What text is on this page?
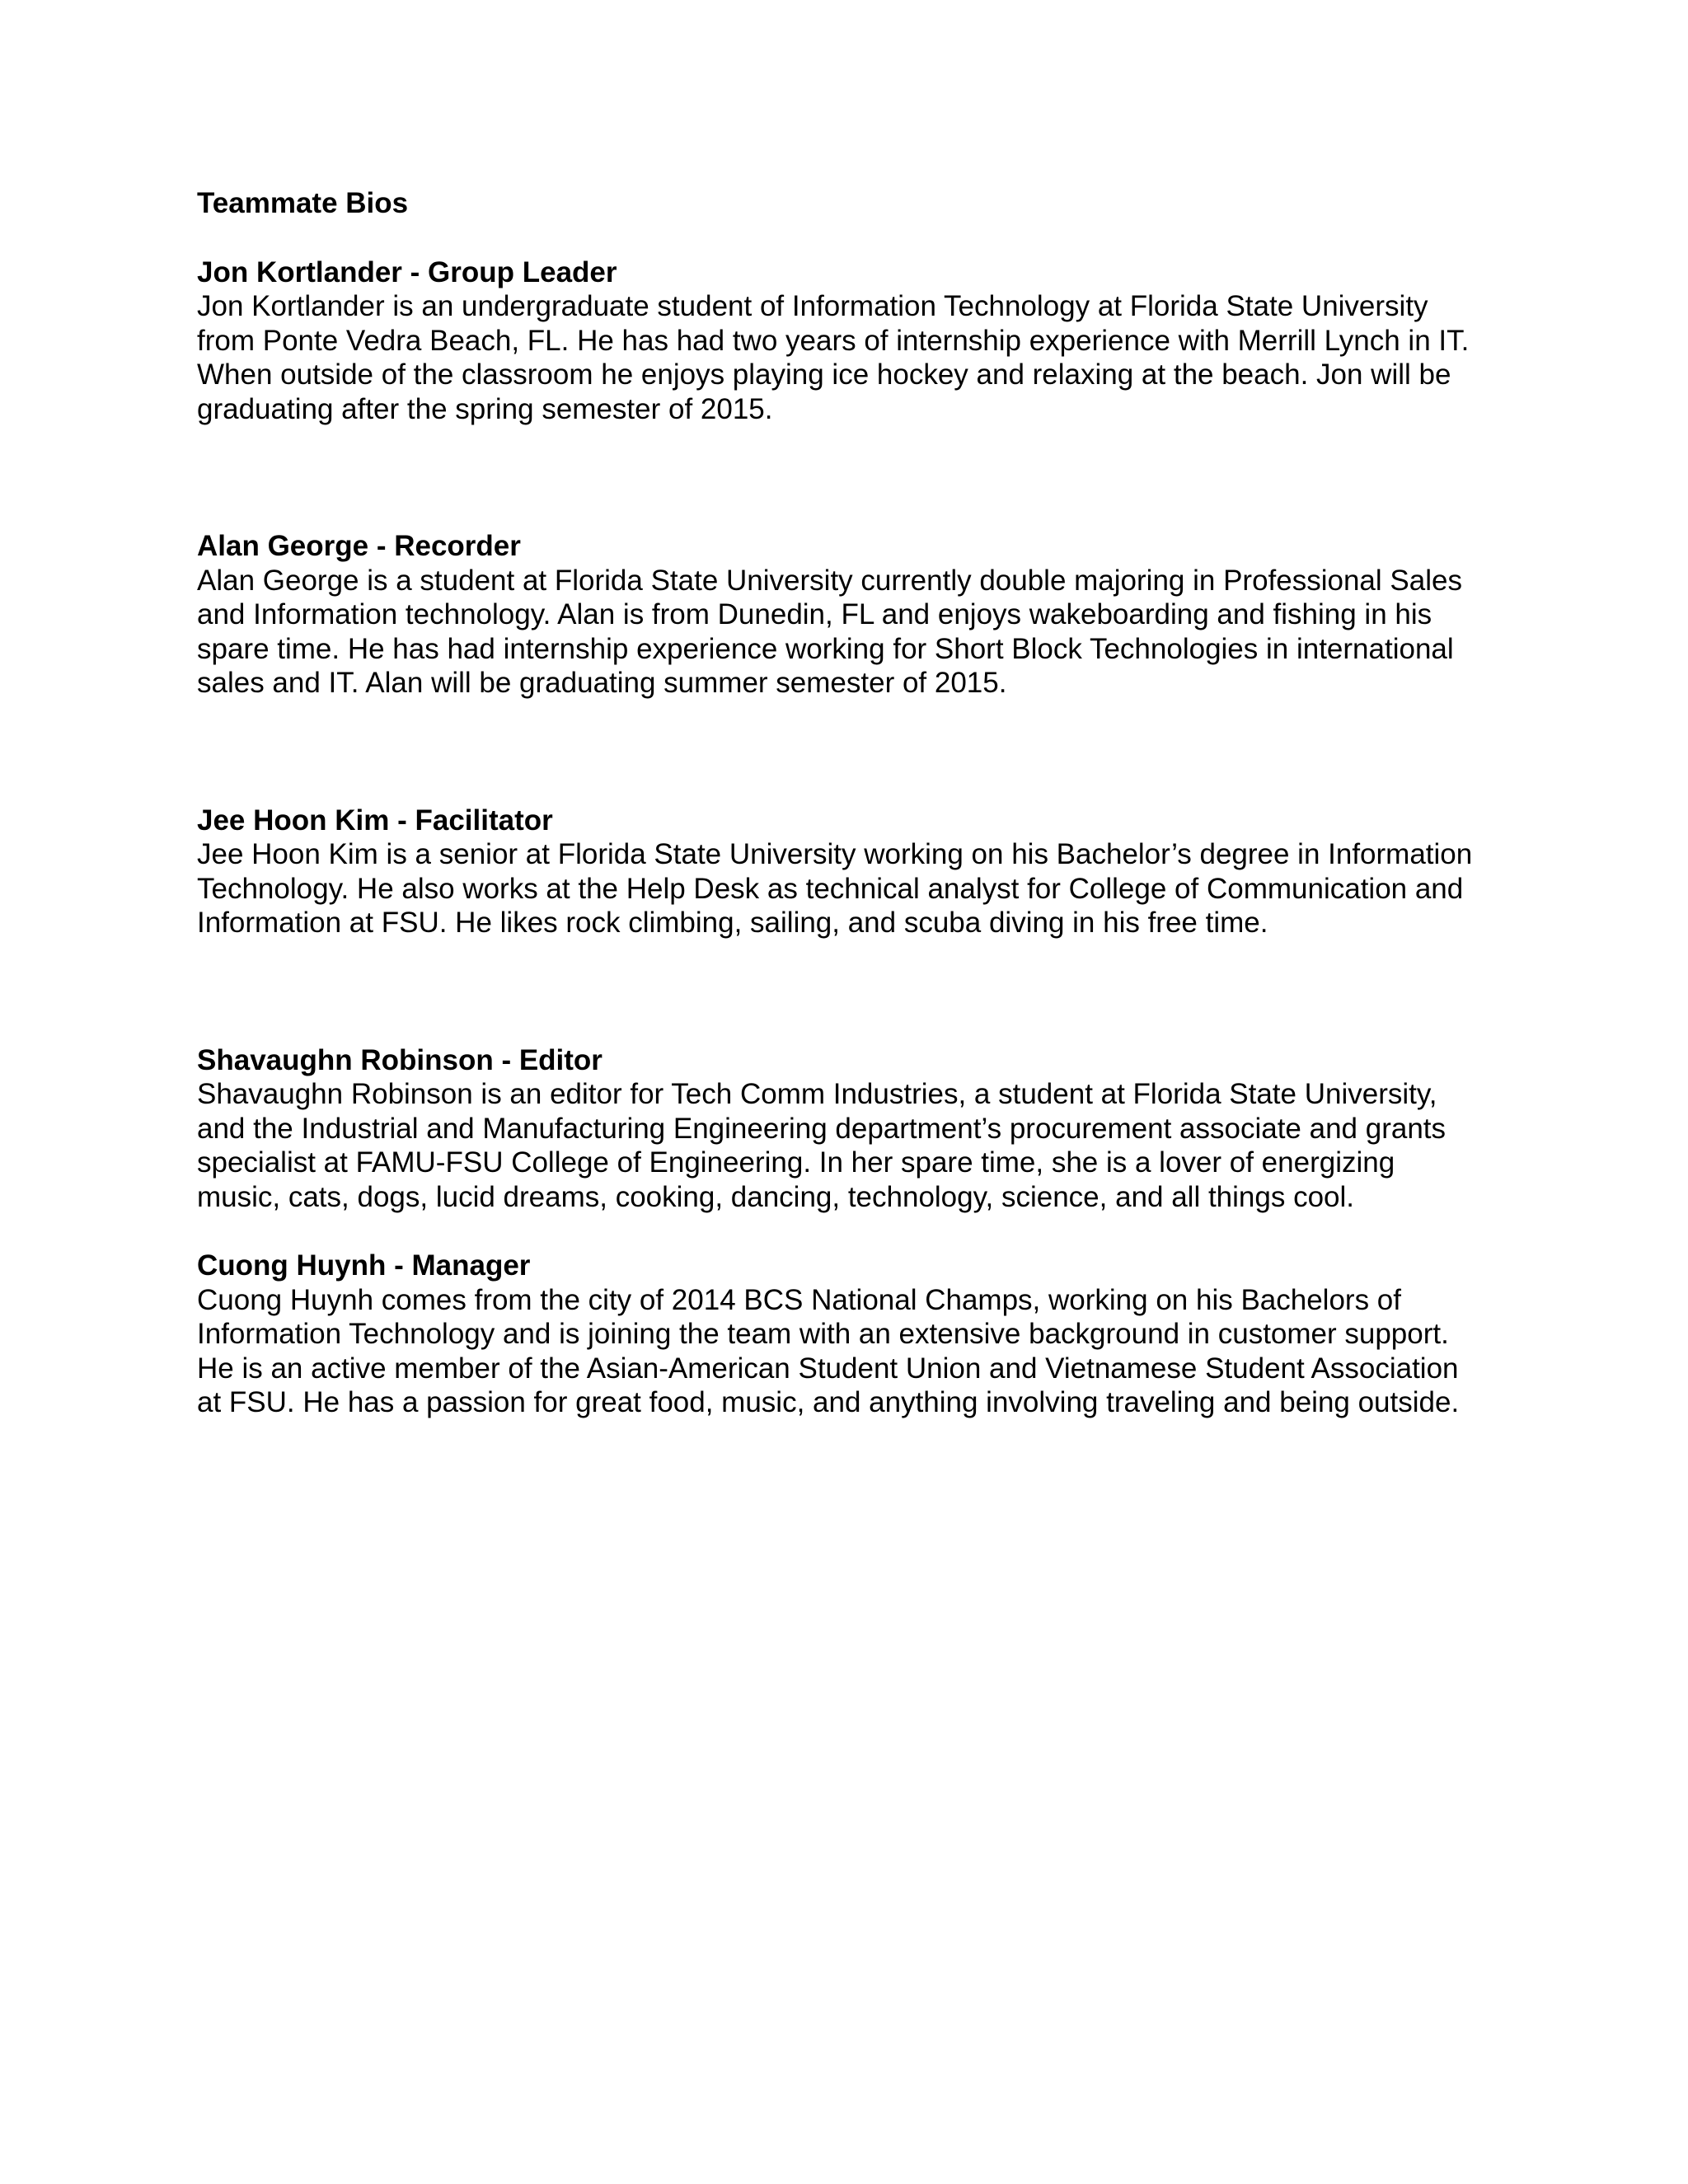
Teammate Bios
Jon Kortlander - Group Leader
Jon Kortlander is an undergraduate student of Information Technology at Florida State University from Ponte Vedra Beach, FL. He has had two years of internship experience with Merrill Lynch in IT. When outside of the classroom he enjoys playing ice hockey and relaxing at the beach. Jon will be graduating after the spring semester of 2015.
Alan George - Recorder
Alan George is a student at Florida State University currently double majoring in Professional Sales and Information technology. Alan is from Dunedin, FL and enjoys wakeboarding and fishing in his spare time. He has had internship experience working for Short Block Technologies in international sales and IT. Alan will be graduating summer semester of 2015.
Jee Hoon Kim - Facilitator
Jee Hoon Kim is a senior at Florida State University working on his Bachelor’s degree in Information Technology. He also works at the Help Desk as technical analyst for College of Communication and Information at FSU. He likes rock climbing, sailing, and scuba diving in his free time.
Shavaughn Robinson - Editor
Shavaughn Robinson is an editor for Tech Comm Industries, a student at Florida State University, and the Industrial and Manufacturing Engineering department’s procurement associate and grants specialist at FAMU-FSU College of Engineering. In her spare time, she is a lover of energizing music, cats, dogs, lucid dreams, cooking, dancing, technology, science, and all things cool.
Cuong Huynh - Manager
Cuong Huynh comes from the city of 2014 BCS National Champs, working on his Bachelors of Information Technology and is joining the team with an extensive background in customer support. He is an active member of the Asian-American Student Union and Vietnamese Student Association at FSU. He has a passion for great food, music, and anything involving traveling and being outside.
